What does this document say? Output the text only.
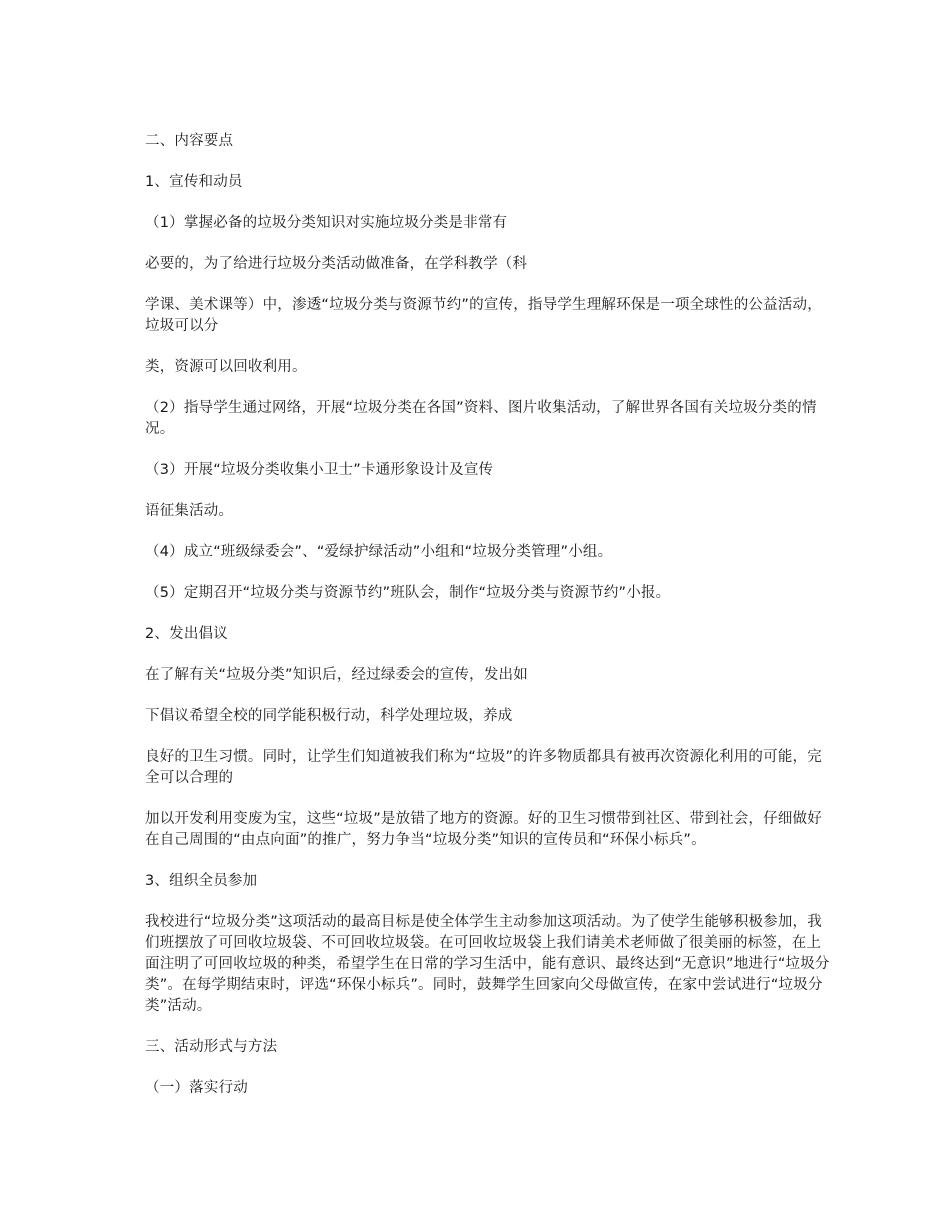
二、内容要点

1、宣传和动员

（1）掌握必备的垃圾分类知识对实施垃圾分类是非常有

必要的，为了给进行垃圾分类活动做准备，在学科教学（科

学课、美术课等）中，渗透“垃圾分类与资源节约”的宣传，指导学生理解环保是一项全球性的公益活动，垃圾可以分

类，资源可以回收利用。

（2）指导学生通过网络，开展“垃圾分类在各国”资料、图片收集活动，了解世界各国有关垃圾分类的情况。

（3）开展“垃圾分类收集小卫士”卡通形象设计及宣传

语征集活动。

（4）成立“班级绿委会”、“爱绿护绿活动”小组和“垃圾分类管理”小组。

（5）定期召开“垃圾分类与资源节约”班队会，制作“垃圾分类与资源节约”小报。

2、发出倡议

在了解有关“垃圾分类”知识后，经过绿委会的宣传，发出如

下倡议希望全校的同学能积极行动，科学处理垃圾，养成

良好的卫生习惯。同时，让学生们知道被我们称为“垃圾”的许多物质都具有被再次资源化利用的可能，完全可以合理的

加以开发利用变废为宝，这些“垃圾”是放错了地方的资源。好的卫生习惯带到社区、带到社会，仔细做好在自己周围的“由点向面”的推广，努力争当“垃圾分类”知识的宣传员和“环保小标兵”。

3、组织全员参加

我校进行“垃圾分类”这项活动的最高目标是使全体学生主动参加这项活动。为了使学生能够积极参加，我们班摆放了可回收垃圾袋、不可回收垃圾袋。在可回收垃圾袋上我们请美术老师做了很美丽的标签，在上面注明了可回收垃圾的种类，希望学生在日常的学习生活中，能有意识、最终达到“无意识”地进行“垃圾分类”。在每学期结束时，评选“环保小标兵”。同时，鼓舞学生回家向父母做宣传，在家中尝试进行“垃圾分类”活动。

三、活动形式与方法

（一）落实行动
